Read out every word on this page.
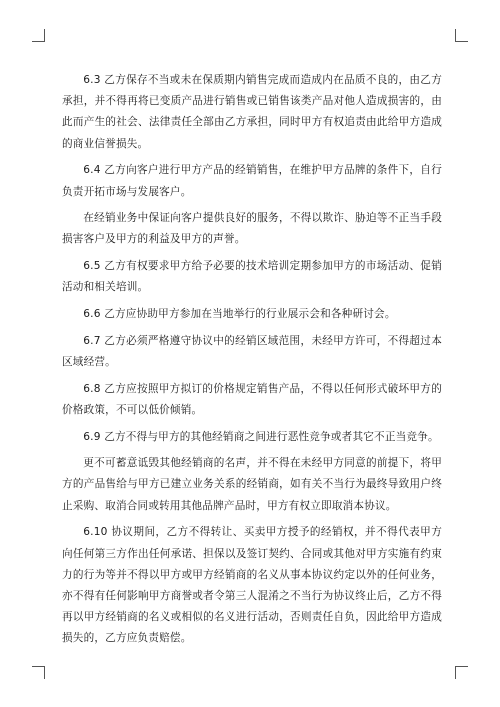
6.3 乙方保存不当或未在保质期内销售完成而造成内在品质不良的，由乙方承担，并不得再将已变质产品进行销售或已销售该类产品对他人造成损害的，由此而产生的社会、法律责任全部由乙方承担，同时甲方有权追责由此给甲方造成的商业信誉损失。

6.4 乙方向客户进行甲方产品的经销销售，在维护甲方品牌的条件下，自行负责开拓市场与发展客户。

在经销业务中保证向客户提供良好的服务，不得以欺诈、胁迫等不正当手段损害客户及甲方的利益及甲方的声誉。

6.5 乙方有权要求甲方给予必要的技术培训定期参加甲方的市场活动、促销活动和相关培训。

6.6 乙方应协助甲方参加在当地举行的行业展示会和各种研讨会。

6.7 乙方必须严格遵守协议中的经销区域范围，未经甲方许可，不得超过本区域经营。

6.8 乙方应按照甲方拟订的价格规定销售产品，不得以任何形式破坏甲方的价格政策，不可以低价倾销。

6.9 乙方不得与甲方的其他经销商之间进行恶性竞争或者其它不正当竞争。

更不可蓄意诋毁其他经销商的名声，并不得在未经甲方同意的前提下，将甲方的产品售给与甲方已建立业务关系的经销商，如有关不当行为最终导致用户终止采购、取消合同或转用其他品牌产品时，甲方有权立即取消本协议。

6.10 协议期间，乙方不得转让、买卖甲方授予的经销权，并不得代表甲方向任何第三方作出任何承诺、担保以及签订契约、合同或其他对甲方实施有约束力的行为等并不得以甲方或甲方经销商的名义从事本协议约定以外的任何业务，亦不得有任何影响甲方商誉或者令第三人混淆之不当行为协议终止后，乙方不得再以甲方经销商的名义或相似的名义进行活动，否则责任自负，因此给甲方造成损失的，乙方应负责赔偿。
